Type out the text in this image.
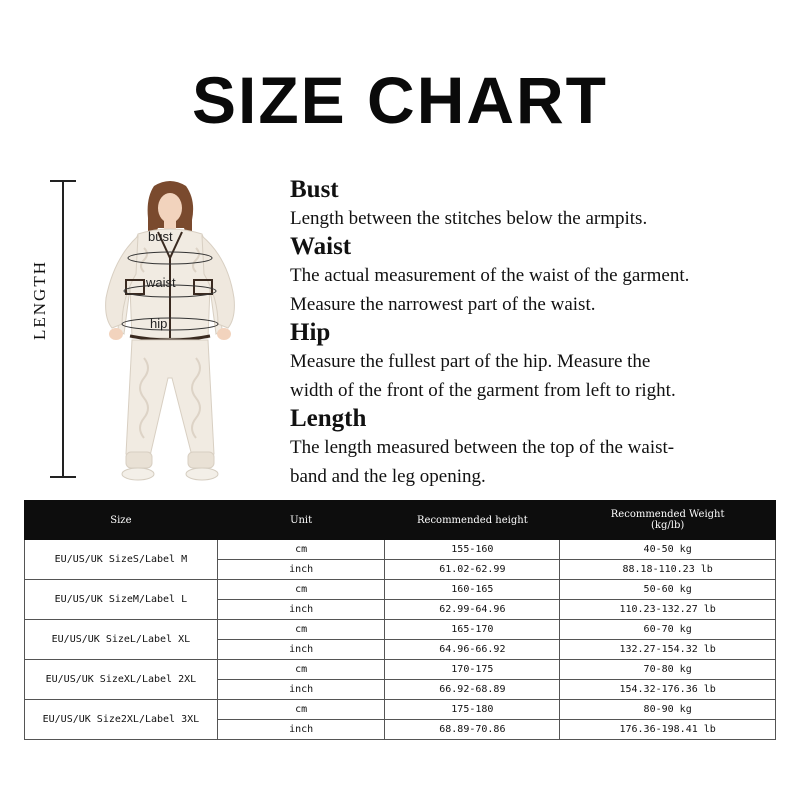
SIZE CHART
LENGTH
bust
waist
hip

Bust

Length between the stitches below the armpits.

Waist

The actual measurement of the waist of the garment.

Measure the narrowest part of the waist.

Hip

Measure the fullest part of the hip. Measure the

width of the front of the garment from left to right.

Length

The length measured between the top of the waist-

band and the leg opening.

Size	Unit	Recommended height	Recommended Weight
(kg/lb)

EU/US/UK SizeS/Label M	cm	155-160	40-50 kg
	inch	61.02-62.99	88.18-110.23 lb
EU/US/UK SizeM/Label L	cm	160-165	50-60 kg
	inch	62.99-64.96	110.23-132.27 lb
EU/US/UK SizeL/Label XL	cm	165-170	60-70 kg
	inch	64.96-66.92	132.27-154.32 lb
EU/US/UK SizeXL/Label 2XL	cm	170-175	70-80 kg
	inch	66.92-68.89	154.32-176.36 lb
EU/US/UK Size2XL/Label 3XL	cm	175-180	80-90 kg
	inch	68.89-70.86	176.36-198.41 lb
